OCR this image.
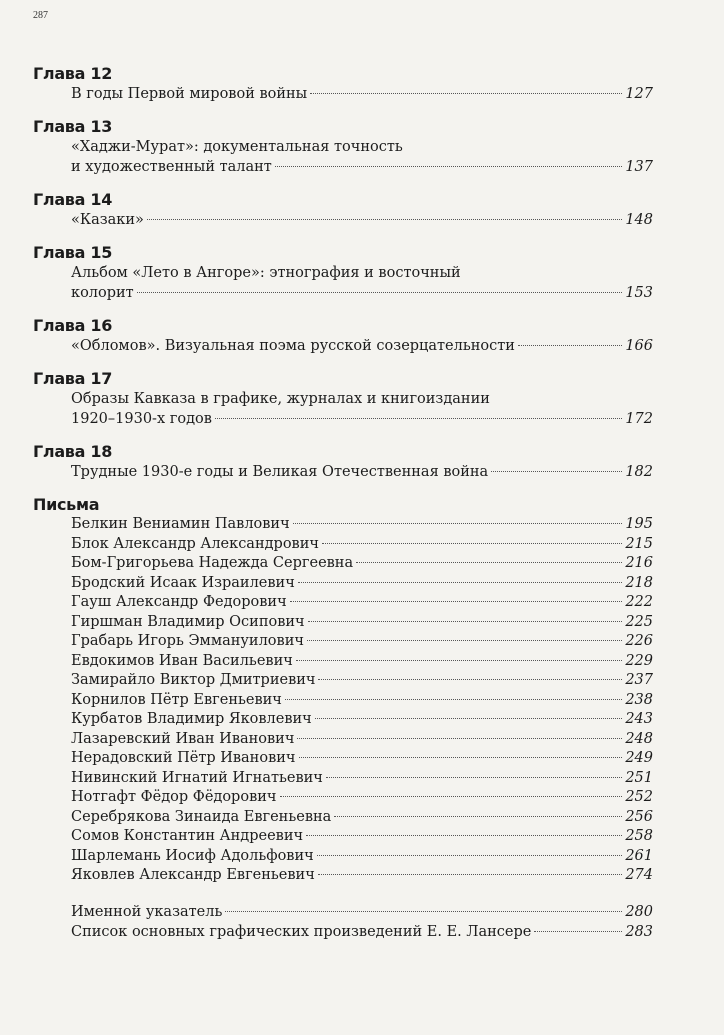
287
Глава 12
В годы Первой мировой войны	127
Глава 13
«Хаджи-Мурат»: документальная точность
и художественный талант	137
Глава 14
«Казаки»	148
Глава 15
Альбом «Лето в Ангоре»: этнография и восточный
колорит	153
Глава 16
«Обломов». Визуальная поэма русской созерцательности	166
Глава 17
Образы Кавказа в графике, журналах и книгоиздании
1920–1930-х годов	172
Глава 18
Трудные 1930-е годы и Великая Отечественная война	182
Письма
Белкин Вениамин Павлович	195
Блок Александр Александрович	215
Бом-Григорьева Надежда Сергеевна	216
Бродский Исаак Израилевич	218
Гауш Александр Федорович	222
Гиршман Владимир Осипович	225
Грабарь Игорь Эммануилович	226
Евдокимов Иван Васильевич	229
Замирайло Виктор Дмитриевич	237
Корнилов Пётр Евгеньевич	238
Курбатов Владимир Яковлевич	243
Лазаревский Иван Иванович	248
Нерадовский Пётр Иванович	249
Нивинский Игнатий Игнатьевич	251
Нотгафт Фёдор Фёдорович	252
Серебрякова Зинаида Евгеньевна	256
Сомов Константин Андреевич	258
Шарлемань Иосиф Адольфович	261
Яковлев Александр Евгеньевич	274
Именной указатель	280
Список основных графических произведений Е. Е. Лансере	283
